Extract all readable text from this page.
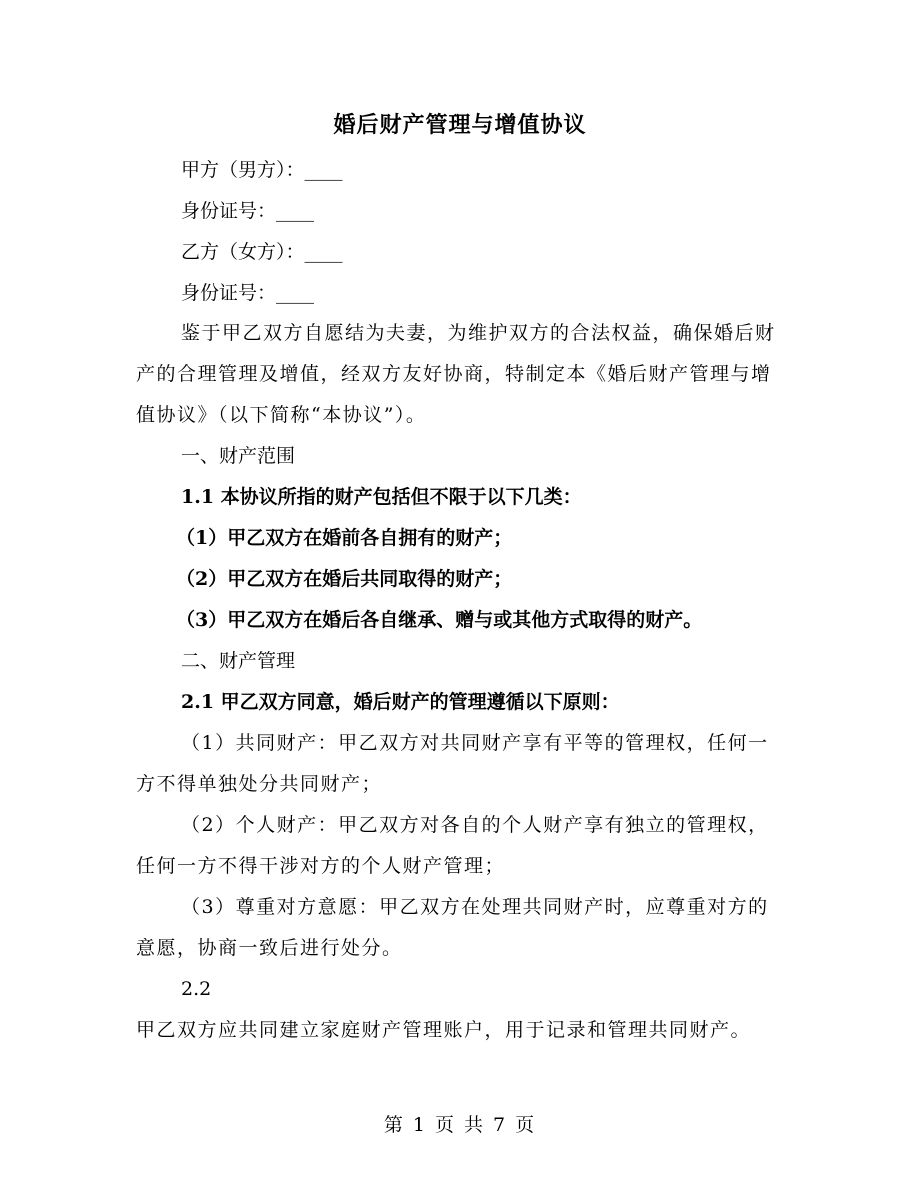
婚后财产管理与增值协议
甲方（男方）：____
身份证号：____
乙方（女方）：____
身份证号：____
鉴于甲乙双方自愿结为夫妻，为维护双方的合法权益，确保婚后财产的合理管理及增值，经双方友好协商，特制定本《婚后财产管理与增值协议》（以下简称“本协议”）。
一、财产范围
1.1 本协议所指的财产包括但不限于以下几类：
（1）甲乙双方在婚前各自拥有的财产；
（2）甲乙双方在婚后共同取得的财产；
（3）甲乙双方在婚后各自继承、赠与或其他方式取得的财产。
二、财产管理
2.1 甲乙双方同意，婚后财产的管理遵循以下原则：
（1）共同财产：甲乙双方对共同财产享有平等的管理权，任何一方不得单独处分共同财产；
（2）个人财产：甲乙双方对各自的个人财产享有独立的管理权，任何一方不得干涉对方的个人财产管理；
（3）尊重对方意愿：甲乙双方在处理共同财产时，应尊重对方的意愿，协商一致后进行处分。
2.2
甲乙双方应共同建立家庭财产管理账户，用于记录和管理共同财产。
第 1 页 共 7 页
